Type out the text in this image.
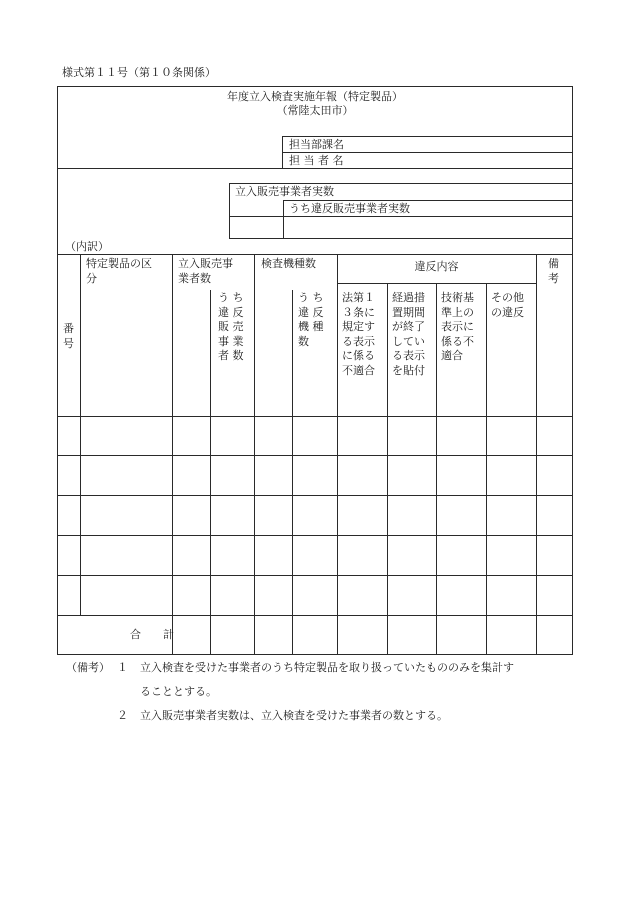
様式第１１号（第１０条関係）
年度立入検査実施年報（特定製品）
（常陸太田市）
担当部課名
担 当 者 名
立入販売事業者実数
うち違反販売事業者実数
（内訳）
番
号
特定製品の区
分
立入販売事
業者数
う ち
違 反
販 売
事 業
者 数
検査機種数
う ち
違 反
機 種
数
違反内容
法第１
３条に
規定す
る表示
に係る
不適合
経過措
置期間
が終了
してい
る表示
を貼付
技術基
準上の
表示に
係る不
適合
その他
の違反
備
考
合　　計
（備考） １ 立入検査を受けた事業者のうち特定製品を取り扱っていたもののみを集計す
ることとする。
２ 立入販売事業者実数は、立入検査を受けた事業者の数とする。
